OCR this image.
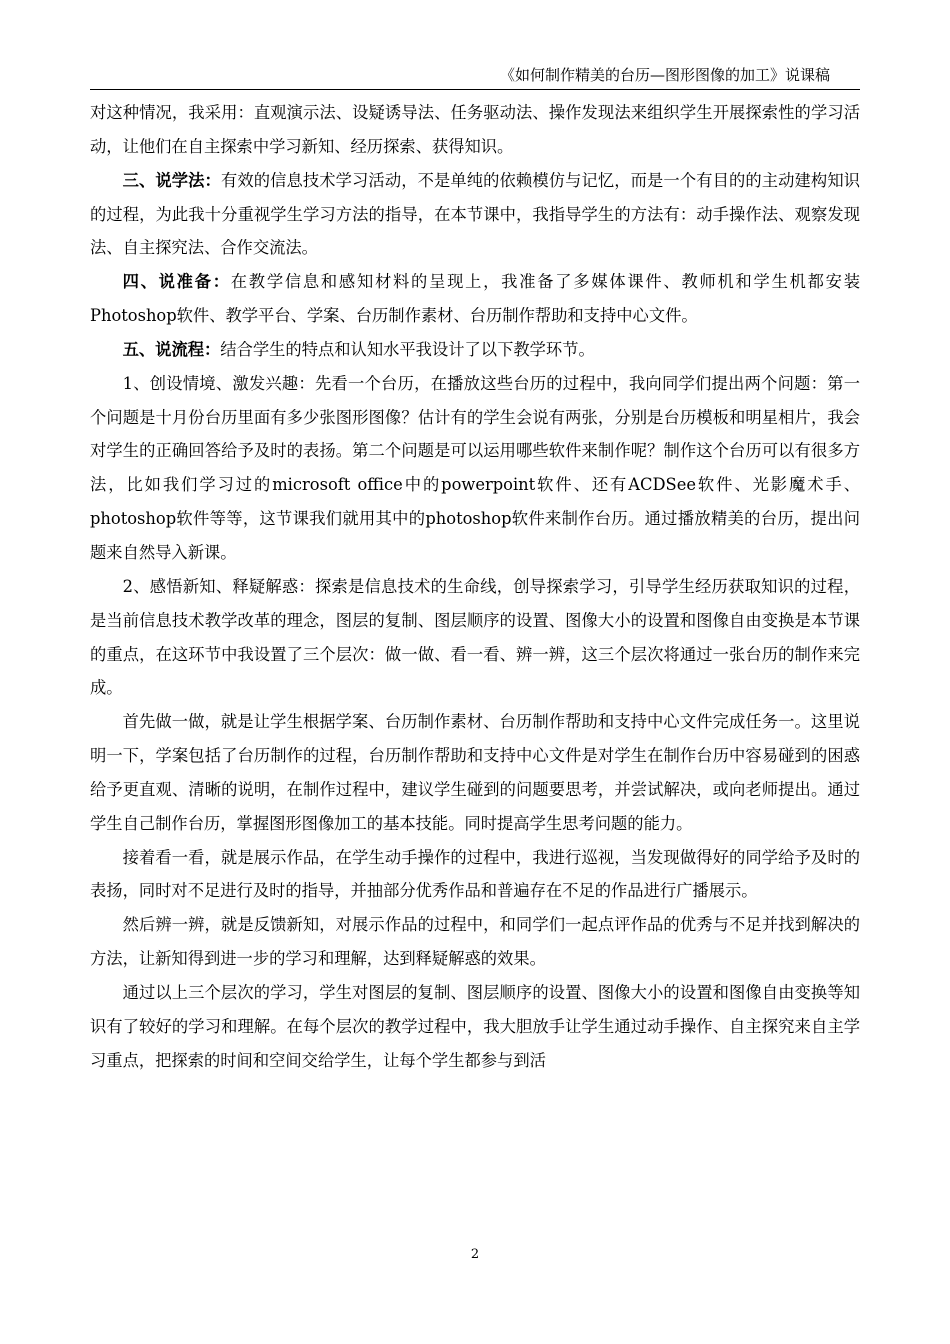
《如何制作精美的台历—图形图像的加工》说课稿

对这种情况，我采用：直观演示法、设疑诱导法、任务驱动法、操作发现法来组织学生开展探索性的学习活动，让他们在自主探索中学习新知、经历探索、获得知识。

三、说学法：有效的信息技术学习活动，不是单纯的依赖模仿与记忆，而是一个有目的的主动建构知识的过程，为此我十分重视学生学习方法的指导，在本节课中，我指导学生的方法有：动手操作法、观察发现法、自主探究法、合作交流法。

四、说准备：在教学信息和感知材料的呈现上，我准备了多媒体课件、教师机和学生机都安装Photoshop软件、教学平台、学案、台历制作素材、台历制作帮助和支持中心文件。

五、说流程：结合学生的特点和认知水平我设计了以下教学环节。

1、创设情境、激发兴趣：先看一个台历，在播放这些台历的过程中，我向同学们提出两个问题：第一个问题是十月份台历里面有多少张图形图像？估计有的学生会说有两张，分别是台历模板和明星相片，我会对学生的正确回答给予及时的表扬。第二个问题是可以运用哪些软件来制作呢？制作这个台历可以有很多方法，比如我们学习过的microsoft office中的powerpoint软件、还有ACDSee软件、光影魔术手、photoshop软件等等，这节课我们就用其中的photoshop软件来制作台历。通过播放精美的台历，提出问题来自然导入新课。

2、感悟新知、释疑解惑：探索是信息技术的生命线，创导探索学习，引导学生经历获取知识的过程，是当前信息技术教学改革的理念，图层的复制、图层顺序的设置、图像大小的设置和图像自由变换是本节课的重点，在这环节中我设置了三个层次：做一做、看一看、辨一辨，这三个层次将通过一张台历的制作来完成。

首先做一做，就是让学生根据学案、台历制作素材、台历制作帮助和支持中心文件完成任务一。这里说明一下，学案包括了台历制作的过程，台历制作帮助和支持中心文件是对学生在制作台历中容易碰到的困惑给予更直观、清晰的说明，在制作过程中，建议学生碰到的问题要思考，并尝试解决，或向老师提出。通过学生自己制作台历，掌握图形图像加工的基本技能。同时提高学生思考问题的能力。

接着看一看，就是展示作品，在学生动手操作的过程中，我进行巡视，当发现做得好的同学给予及时的表扬，同时对不足进行及时的指导，并抽部分优秀作品和普遍存在不足的作品进行广播展示。

然后辨一辨，就是反馈新知，对展示作品的过程中，和同学们一起点评作品的优秀与不足并找到解决的方法，让新知得到进一步的学习和理解，达到释疑解惑的效果。

通过以上三个层次的学习，学生对图层的复制、图层顺序的设置、图像大小的设置和图像自由变换等知识有了较好的学习和理解。在每个层次的教学过程中，我大胆放手让学生通过动手操作、自主探究来自主学习重点，把探索的时间和空间交给学生，让每个学生都参与到活

2
